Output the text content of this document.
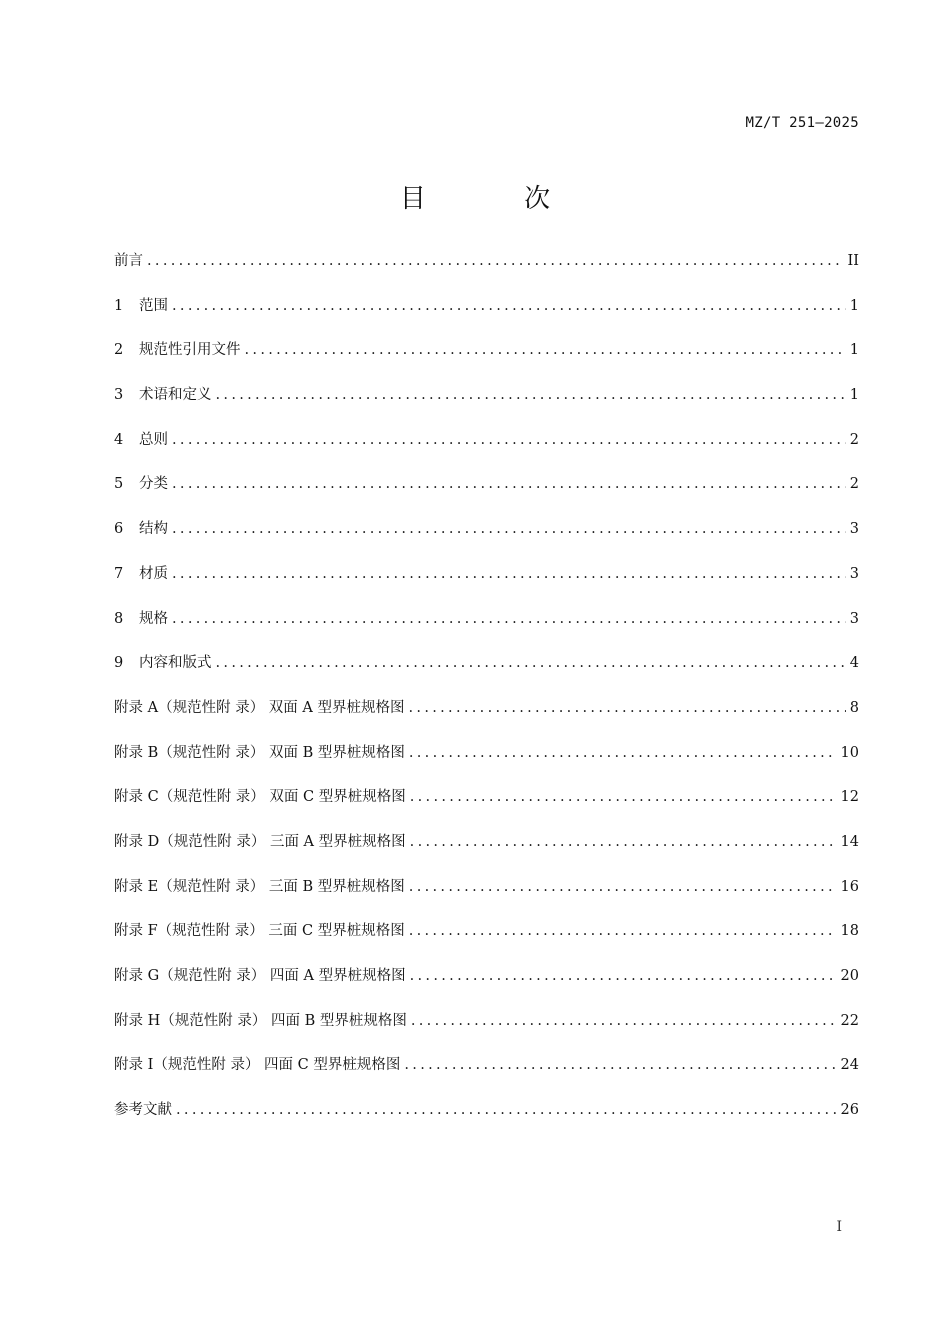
MZ/T 251—2025
目 次
前言 .....	II
1	范围 .....	1
2	规范性引用文件 .....	1
3	术语和定义 .....	1
4	总则 .....	2
5	分类 .....	2
6	结构 .....	3
7	材质 .....	3
8	规格 .....	3
9	内容和版式 .....	4
附录 A（规范性附 录） 双面 A 型界桩规格图 .....	8
附录 B（规范性附 录） 双面 B 型界桩规格图 .....	10
附录 C（规范性附 录） 双面 C 型界桩规格图 .....	12
附录 D（规范性附 录） 三面 A 型界桩规格图 .....	14
附录 E（规范性附 录） 三面 B 型界桩规格图 .....	16
附录 F（规范性附 录） 三面 C 型界桩规格图 .....	18
附录 G（规范性附 录） 四面 A 型界桩规格图 .....	20
附录 H（规范性附 录） 四面 B 型界桩规格图 .....	22
附录 I（规范性附 录） 四面 C 型界桩规格图 .....	24
参考文献 .....	26
I
